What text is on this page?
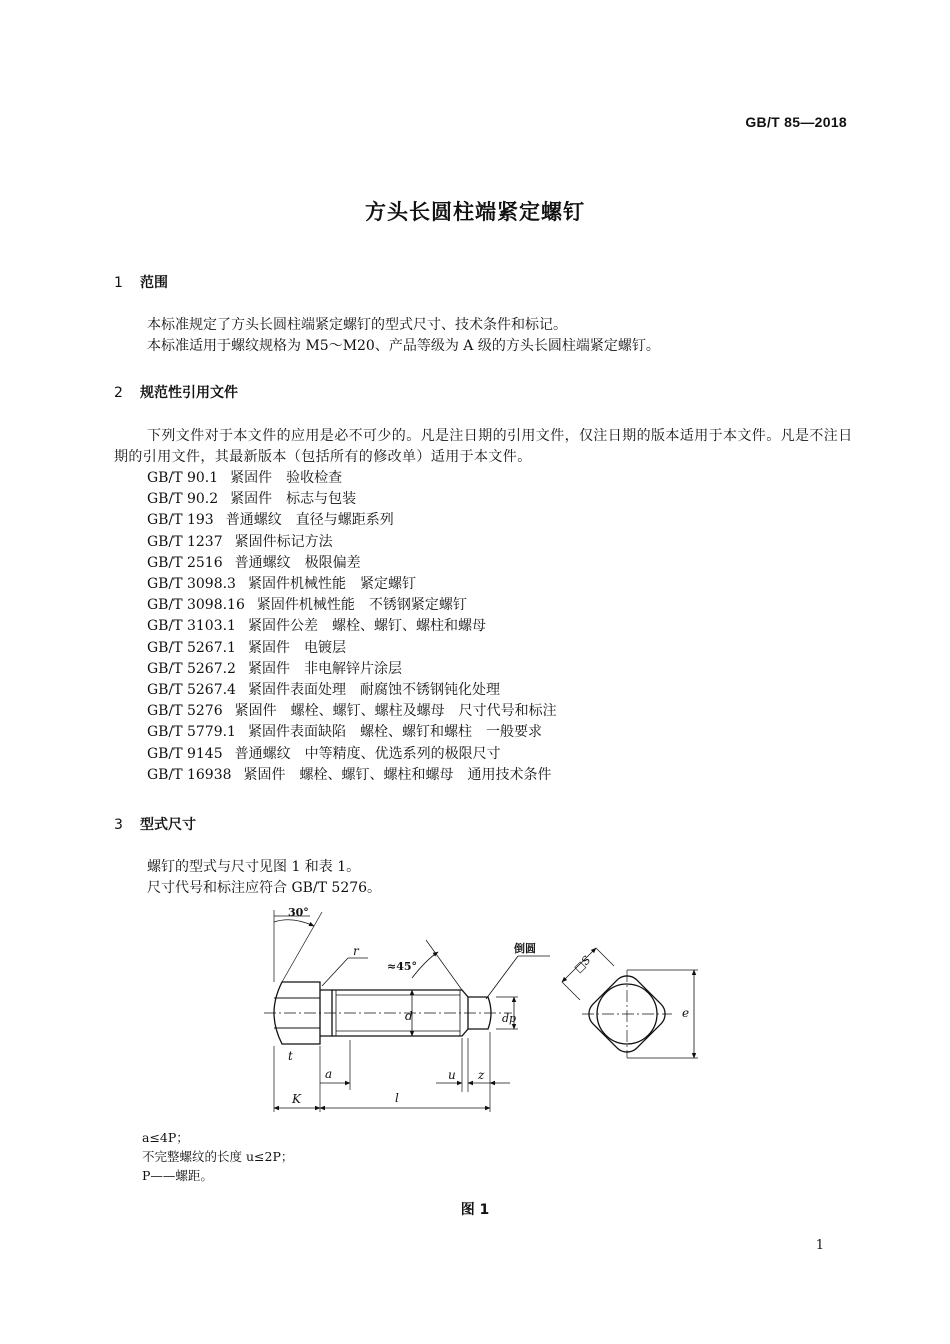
GB/T 85—2018
方头长圆柱端紧定螺钉
1 范围
本标准规定了方头长圆柱端紧定螺钉的型式尺寸、技术条件和标记。
本标准适用于螺纹规格为 M5～M20、产品等级为 A 级的方头长圆柱端紧定螺钉。
2 规范性引用文件
下列文件对于本文件的应用是必不可少的。凡是注日期的引用文件，仅注日期的版本适用于本文件。凡是不注日期的引用文件，其最新版本（包括所有的修改单）适用于本文件。
GB/T 90.1 紧固件　验收检查
GB/T 90.2 紧固件　标志与包装
GB/T 193 普通螺纹　直径与螺距系列
GB/T 1237 紧固件标记方法
GB/T 2516 普通螺纹　极限偏差
GB/T 3098.3 紧固件机械性能　紧定螺钉
GB/T 3098.16 紧固件机械性能　不锈钢紧定螺钉
GB/T 3103.1 紧固件公差　螺栓、螺钉、螺柱和螺母
GB/T 5267.1 紧固件　电镀层
GB/T 5267.2 紧固件　非电解锌片涂层
GB/T 5267.4 紧固件表面处理　耐腐蚀不锈钢钝化处理
GB/T 5276 紧固件　螺栓、螺钉、螺柱及螺母　尺寸代号和标注
GB/T 5779.1 紧固件表面缺陷　螺栓、螺钉和螺柱　一般要求
GB/T 9145 普通螺纹　中等精度、优选系列的极限尺寸
GB/T 16938 紧固件　螺栓、螺钉、螺柱和螺母　通用技术条件
3 型式尺寸
螺钉的型式与尺寸见图 1 和表 1。
尺寸代号和标注应符合 GB/T 5276。
30°
r
≈45°
倒圆
□S
d	dp	e
t
a	u z
K	l
a≤4P；
不完整螺纹的长度 u≤2P；
P——螺距。
图 1
1
